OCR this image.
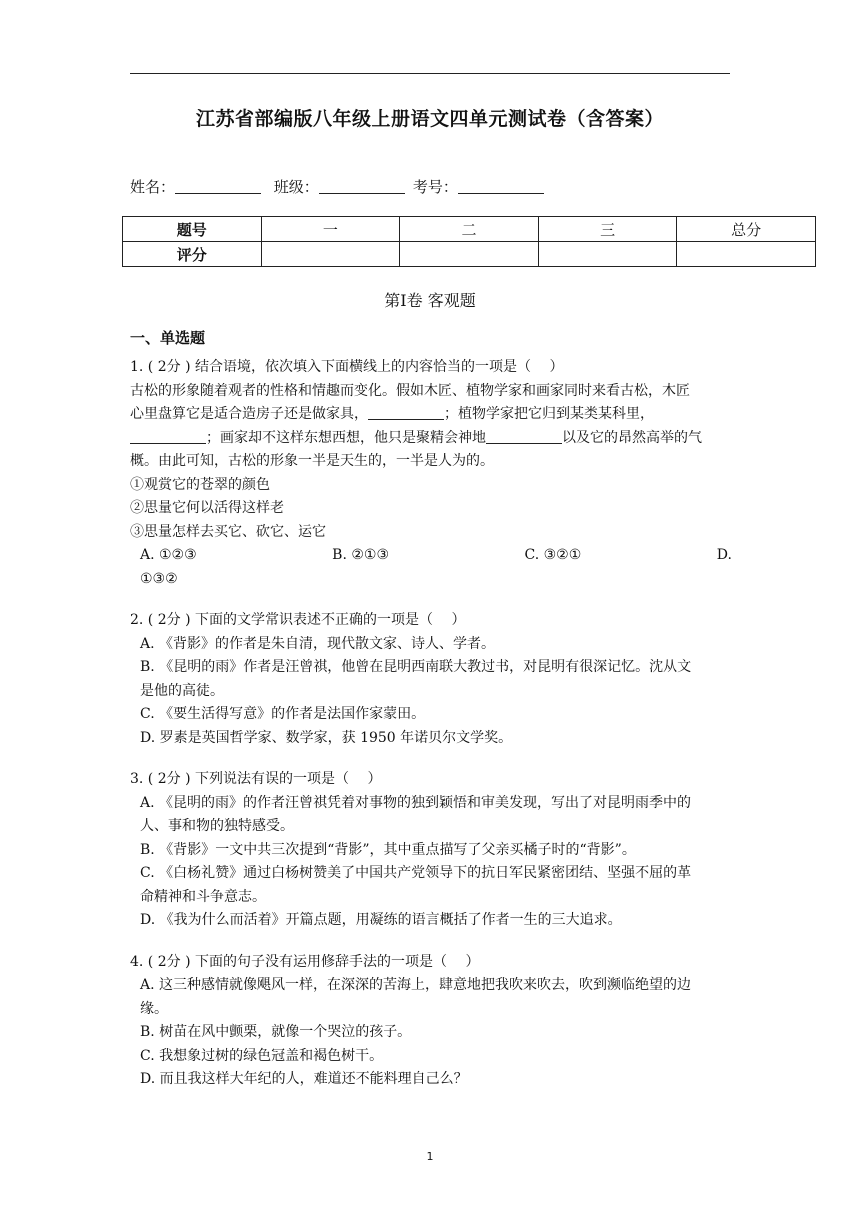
江苏省部编版八年级上册语文四单元测试卷（含答案）
姓名：	班级：	考号：
题号	一	二	三	总分
评分				
第Ⅰ卷 客观题
一、单选题

1. ( 2分 ) 结合语境，依次填入下面横线上的内容恰当的一项是（　 ）

古松的形象随着观者的性格和情趣而变化。假如木匠、植物学家和画家同时来看古松，木匠

心里盘算它是适合造房子还是做家具，	；植物学家把它归到某类某科里，

；画家却不这样东想西想，他只是聚精会神地	以及它的昂然高举的气

概。由此可知，古松的形象一半是天生的，一半是人为的。

①观赏它的苍翠的颜色

②思量它何以活得这样老

③思量怎样去买它、砍它、运它

A. ①②③	B. ②①③	C. ③②①	D.

①③②

2. ( 2分 ) 下面的文学常识表述不正确的一项是（　 ）

A. 《背影》的作者是朱自清，现代散文家、诗人、学者。

B. 《昆明的雨》作者是汪曾祺，他曾在昆明西南联大教过书，对昆明有很深记忆。沈从文

是他的高徒。

C. 《要生活得写意》的作者是法国作家蒙田。

D. 罗素是英国哲学家、数学家，获 1950 年诺贝尔文学奖。

3. ( 2分 ) 下列说法有误的一项是（　 ）

A. 《昆明的雨》的作者汪曾祺凭着对事物的独到颖悟和审美发现，写出了对昆明雨季中的

人、事和物的独特感受。

B. 《背影》一文中共三次提到“背影”，其中重点描写了父亲买橘子时的“背影”。

C. 《白杨礼赞》通过白杨树赞美了中国共产党领导下的抗日军民紧密团结、坚强不屈的革

命精神和斗争意志。

D. 《我为什么而活着》开篇点题，用凝练的语言概括了作者一生的三大追求。

4. ( 2分 ) 下面的句子没有运用修辞手法的一项是（　 ）

A. 这三种感情就像飓风一样，在深深的苦海上，肆意地把我吹来吹去，吹到濒临绝望的边

缘。

B. 树苗在风中颤栗，就像一个哭泣的孩子。

C. 我想象过树的绿色冠盖和褐色树干。

D. 而且我这样大年纪的人，难道还不能料理自己么？

1
